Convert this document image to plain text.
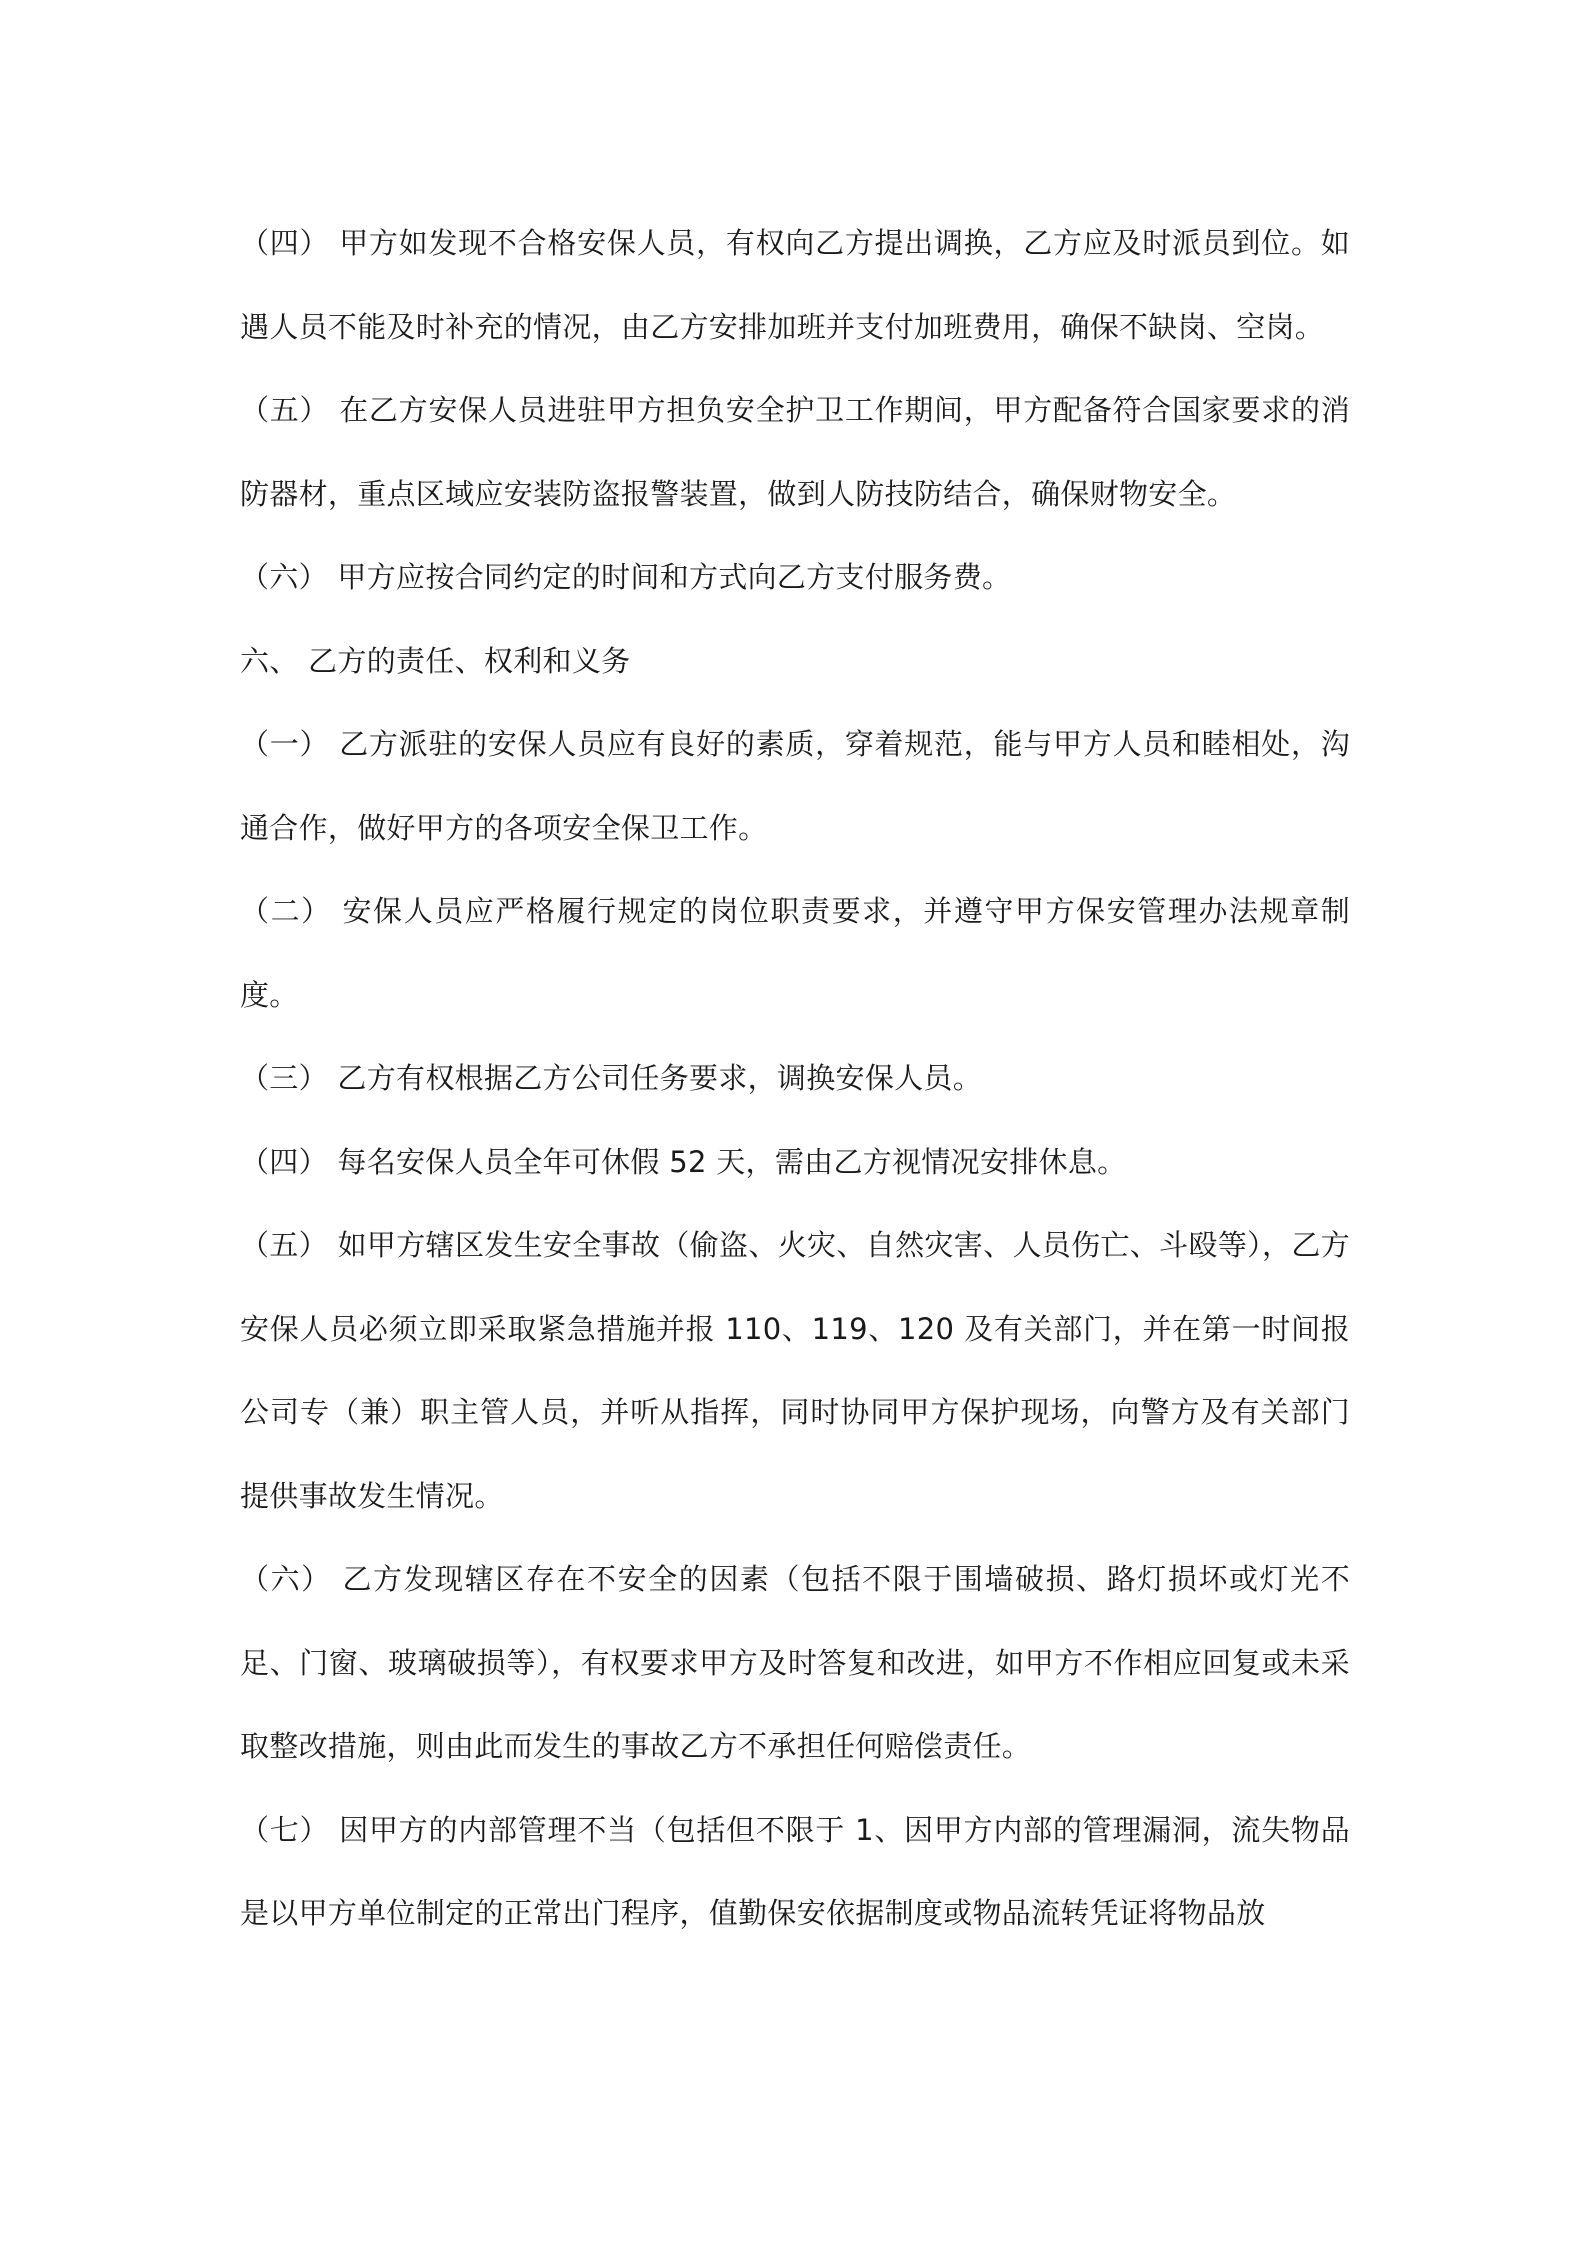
（四） 甲方如发现不合格安保人员，有权向乙方提出调换，乙方应及时派员到位。如遇人员不能及时补充的情况，由乙方安排加班并支付加班费用，确保不缺岗、空岗。

（五） 在乙方安保人员进驻甲方担负安全护卫工作期间，甲方配备符合国家要求的消防器材，重点区域应安装防盗报警装置，做到人防技防结合，确保财物安全。

（六） 甲方应按合同约定的时间和方式向乙方支付服务费。

六、 乙方的责任、权利和义务

（一） 乙方派驻的安保人员应有良好的素质，穿着规范，能与甲方人员和睦相处，沟通合作，做好甲方的各项安全保卫工作。

（二） 安保人员应严格履行规定的岗位职责要求，并遵守甲方保安管理办法规章制度。

（三） 乙方有权根据乙方公司任务要求，调换安保人员。

（四） 每名安保人员全年可休假 52 天，需由乙方视情况安排休息。

（五） 如甲方辖区发生安全事故（偷盗、火灾、自然灾害、人员伤亡、斗殴等），乙方安保人员必须立即采取紧急措施并报 110、119、120 及有关部门，并在第一时间报公司专（兼）职主管人员，并听从指挥，同时协同甲方保护现场，向警方及有关部门提供事故发生情况。

（六） 乙方发现辖区存在不安全的因素（包括不限于围墙破损、路灯损坏或灯光不足、门窗、玻璃破损等），有权要求甲方及时答复和改进，如甲方不作相应回复或未采取整改措施，则由此而发生的事故乙方不承担任何赔偿责任。

（七） 因甲方的内部管理不当（包括但不限于 1、因甲方内部的管理漏洞，流失物品是以甲方单位制定的正常出门程序，值勤保安依据制度或物品流转凭证将物品放
